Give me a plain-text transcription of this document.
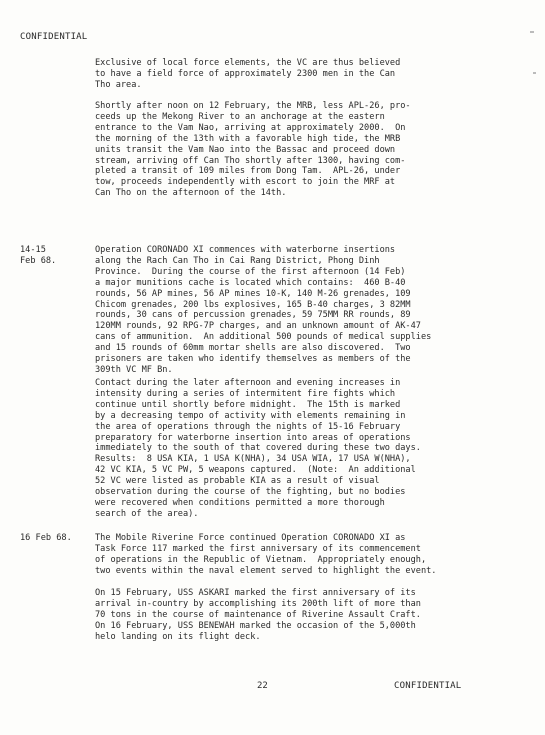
CONFIDENTIAL
14-15
Feb 68.
16 Feb 68.

Exclusive of local force elements, the VC are thus believed

to have a field force of approximately 2300 men in the Can

Tho area.

Shortly after noon on 12 February, the MRB, less APL-26, pro-

ceeds up the Mekong River to an anchorage at the eastern

entrance to the Vam Nao, arriving at approximately 2000.  On

the morning of the 13th with a favorable high tide, the MRB

units transit the Vam Nao into the Bassac and proceed down

stream, arriving off Can Tho shortly after 1300, having com-

pleted a transit of 109 miles from Dong Tam.  APL-26, under

tow, proceeds independently with escort to join the MRF at

Can Tho on the afternoon of the 14th.

Operation CORONADO XI commences with waterborne insertions

along the Rach Can Tho in Cai Rang District, Phong Dinh

Province.  During the course of the first afternoon (14 Feb)

a major munitions cache is located which contains:  460 B-40

rounds, 56 AP mines, 56 AP mines 10-K, 140 M-26 grenades, 109

Chicom grenades, 200 lbs explosives, 165 B-40 charges, 3 82MM

rounds, 30 cans of percussion grenades, 59 75MM RR rounds, 89

120MM rounds, 92 RPG-7P charges, and an unknown amount of AK-47

cans of ammunition.  An additional 500 pounds of medical supplies

and 15 rounds of 60mm mortar shells are also discovered.  Two

prisoners are taken who identify themselves as members of the

309th VC MF Bn.

Contact during the later afternoon and evening increases in

intensity during a series of intermitent fire fights which

continue until shortly before midnight.  The 15th is marked

by a decreasing tempo of activity with elements remaining in

the area of operations through the nights of 15-16 February

preparatory for waterborne insertion into areas of operations

immediately to the south of that covered during these two days.

Results:  8 USA KIA, 1 USA K(NHA), 34 USA WIA, 17 USA W(NHA),

42 VC KIA, 5 VC PW, 5 weapons captured.  (Note:  An additional

52 VC were listed as probable KIA as a result of visual

observation during the course of the fighting, but no bodies

were recovered when conditions permitted a more thorough

search of the area).

The Mobile Riverine Force continued Operation CORONADO XI as

Task Force 117 marked the first anniversary of its commencement

of operations in the Republic of Vietnam.  Appropriately enough,

two events within the naval element served to highlight the event.

On 15 February, USS ASKARI marked the first anniversary of its

arrival in-country by accomplishing its 200th lift of more than

70 tons in the course of maintenance of Riverine Assault Craft.

On 16 February, USS BENEWAH marked the occasion of the 5,000th

helo landing on its flight deck.

22	CONFIDENTIAL
